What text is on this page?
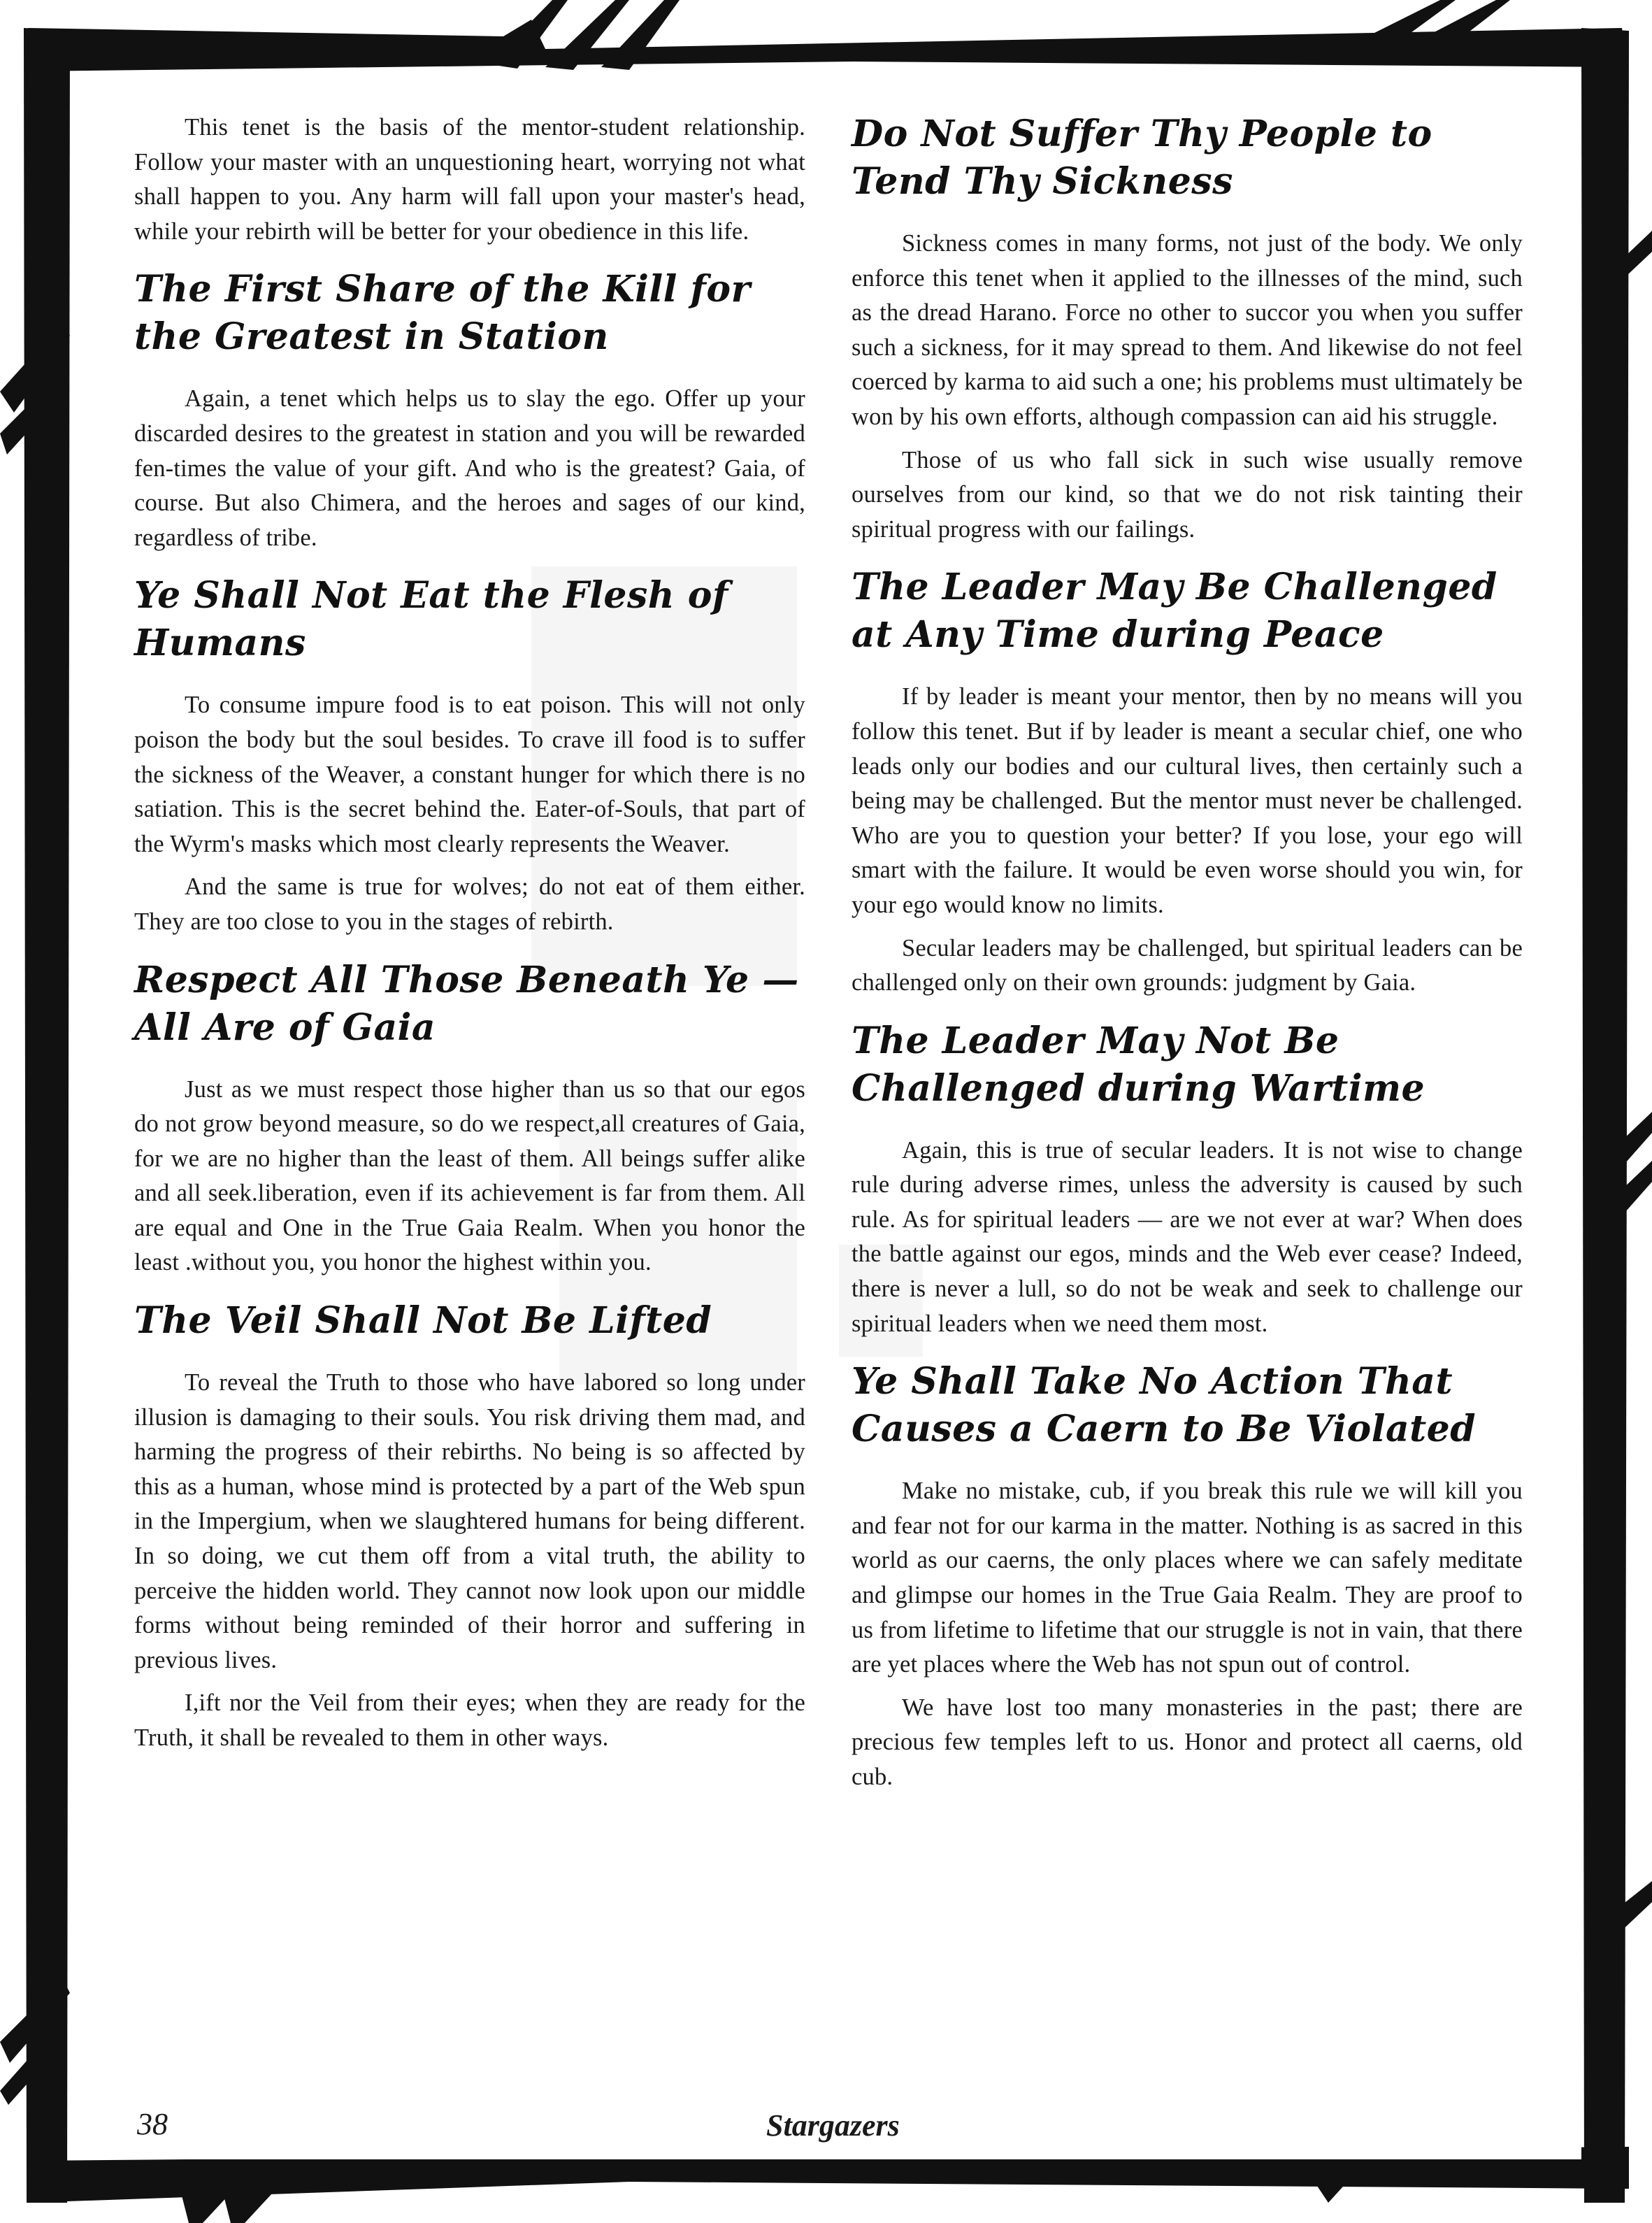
This tenet is the basis of the mentor-student relationship. Follow your master with an unquestioning heart, worrying not what shall happen to you. Any harm will fall upon your master's head, while your rebirth will be better for your obedience in this life.

The First Share of the Kill for the Greatest in Station

Again, a tenet which helps us to slay the ego. Offer up your discarded desires to the greatest in station and you will be rewarded fen-times the value of your gift. And who is the greatest? Gaia, of course. But also Chimera, and the heroes and sages of our kind, regardless of tribe.

Ye Shall Not Eat the Flesh of Humans

To consume impure food is to eat poison. This will not only poison the body but the soul besides. To crave ill food is to suffer the sickness of the Weaver, a constant hunger for which there is no satiation. This is the secret behind the. Eater-of-Souls, that part of the Wyrm's masks which most clearly represents the Weaver.

And the same is true for wolves; do not eat of them either. They are too close to you in the stages of rebirth.

Respect All Those Beneath Ye — All Are of Gaia

Just as we must respect those higher than us so that our egos do not grow beyond measure, so do we respect,all creatures of Gaia, for we are no higher than the least of them. All beings suffer alike and all seek.liberation, even if its achievement is far from them. All are equal and One in the True Gaia Realm. When you honor the least .without you, you honor the highest within you.

The Veil Shall Not Be Lifted

To reveal the Truth to those who have labored so long under illusion is damaging to their souls. You risk driving them mad, and harming the progress of their rebirths. No being is so affected by this as a human, whose mind is protected by a part of the Web spun in the Impergium, when we slaughtered humans for being different. In so doing, we cut them off from a vital truth, the ability to perceive the hidden world. They cannot now look upon our middle forms without being reminded of their horror and suffering in previous lives.

I,ift nor the Veil from their eyes; when they are ready for the Truth, it shall be revealed to them in other ways.

Do Not Suffer Thy People to Tend Thy Sickness

Sickness comes in many forms, not just of the body. We only enforce this tenet when it applied to the illnesses of the mind, such as the dread Harano. Force no other to succor you when you suffer such a sickness, for it may spread to them. And likewise do not feel coerced by karma to aid such a one; his problems must ultimately be won by his own efforts, although compassion can aid his struggle.

Those of us who fall sick in such wise usually remove ourselves from our kind, so that we do not risk tainting their spiritual progress with our failings.

The Leader May Be Challenged at Any Time during Peace

If by leader is meant your mentor, then by no means will you follow this tenet. But if by leader is meant a secular chief, one who leads only our bodies and our cultural lives, then certainly such a being may be challenged. But the mentor must never be challenged. Who are you to question your better? If you lose, your ego will smart with the failure. It would be even worse should you win, for your ego would know no limits.

Secular leaders may be challenged, but spiritual leaders can be challenged only on their own grounds: judgment by Gaia.

The Leader May Not Be Challenged during Wartime

Again, this is true of secular leaders. It is not wise to change rule during adverse rimes, unless the adversity is caused by such rule. As for spiritual leaders — are we not ever at war? When does the battle against our egos, minds and the Web ever cease? Indeed, there is never a lull, so do not be weak and seek to challenge our spiritual leaders when we need them most.

Ye Shall Take No Action That Causes a Caern to Be Violated

Make no mistake, cub, if you break this rule we will kill you and fear not for our karma in the matter. Nothing is as sacred in this world as our caerns, the only places where we can safely meditate and glimpse our homes in the True Gaia Realm. They are proof to us from lifetime to lifetime that our struggle is not in vain, that there are yet places where the Web has not spun out of control.

We have lost too many monasteries in the past; there are precious few temples left to us. Honor and protect all caerns, old cub.

38	Stargazers
